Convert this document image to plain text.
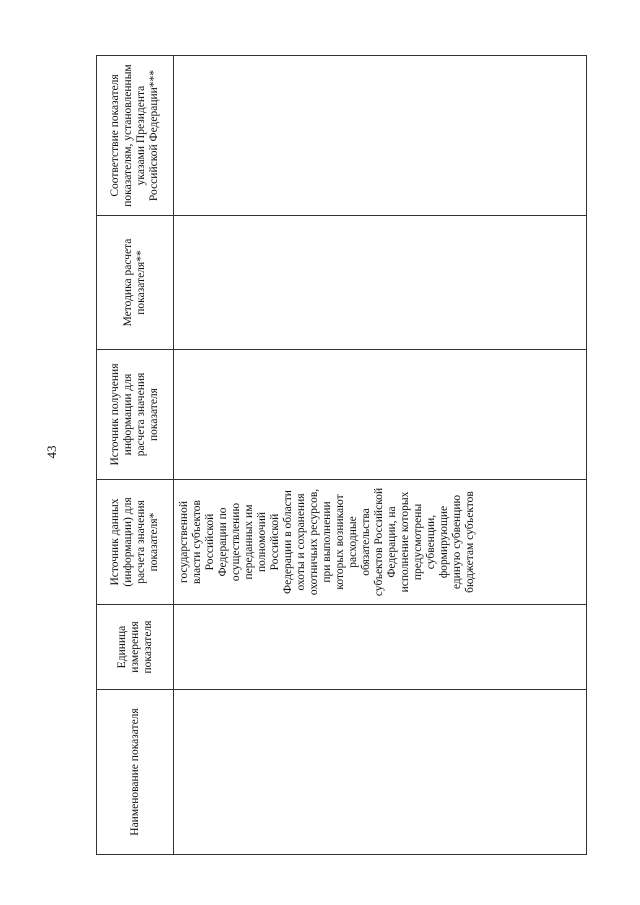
43
Наименование показателя	Единица измерения показателя	Источник данных (информации) для расчета значения показателя*	Источник получения информации для расчета значения показателя	Методика расчета показателя**	Соответствие показателя показателям, установленным указами Президента Российской Федерации***
		государственной власти субъектов Российской Федерации по осуществлению переданных им полномочий Российской Федерации в области охоты и сохранения охотничьих ресурсов, при выполнении которых возникают расходные обязательства субъектов Российской Федерации, на исполнение которых предусмотрены субвенции, формирующие единую субвенцию бюджетам субъектов			
